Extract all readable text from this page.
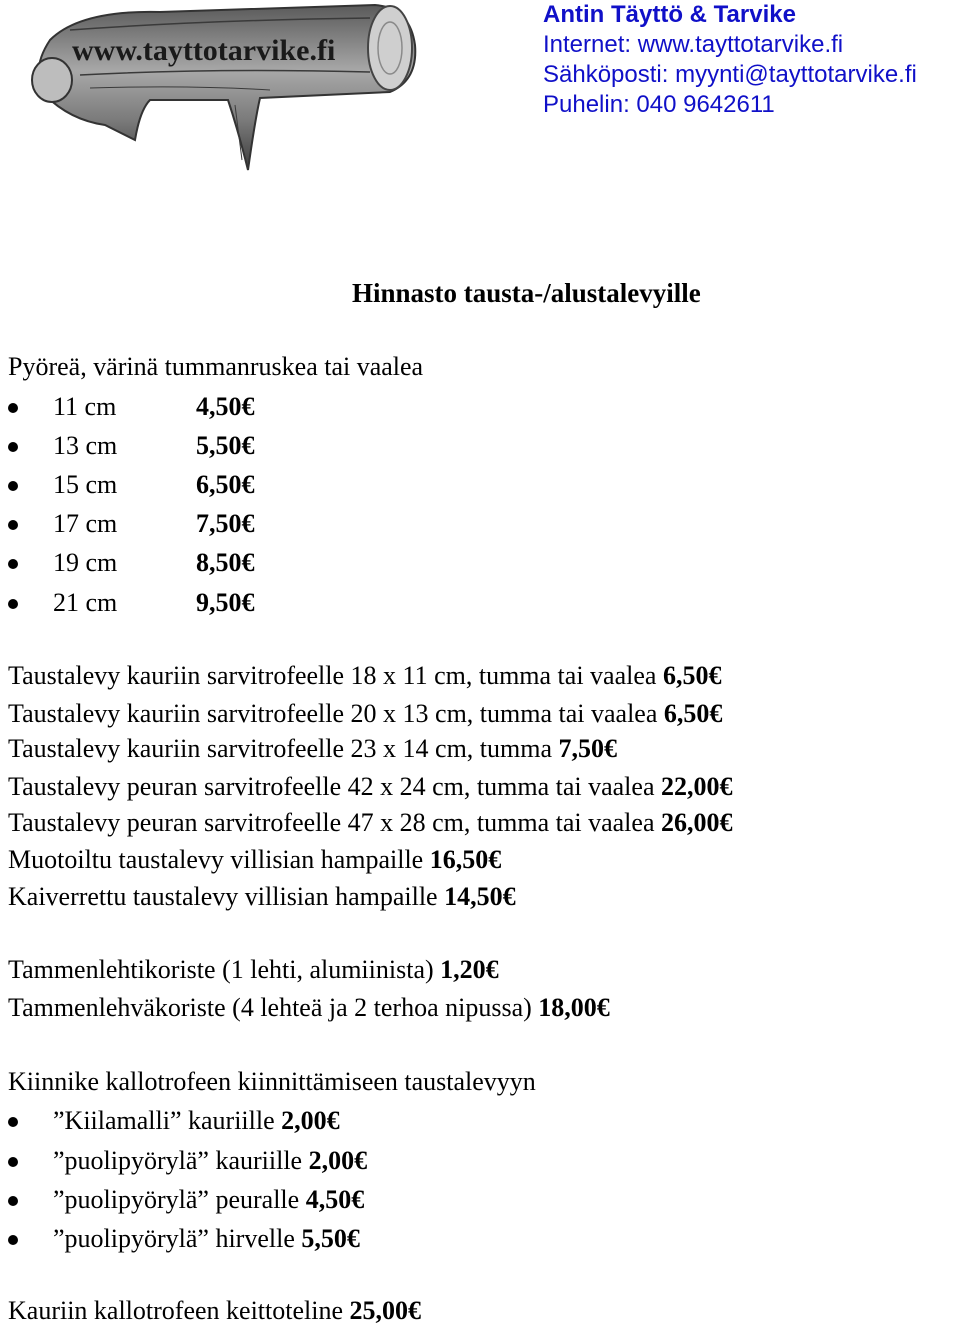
www.tayttotarvike.fi
Antin Täyttö & Tarvike
Internet: www.tayttotarvike.fi
Sähköposti: myynti@tayttotarvike.fi
Puhelin: 040 9642611
Hinnasto tausta-/alustalevyille
Pyöreä, värinä tummanruskea tai vaalea
11 cm	4,50€
13 cm	5,50€
15 cm	6,50€
17 cm	7,50€
19 cm	8,50€
21 cm	9,50€
Taustalevy kauriin sarvitrofeelle 18 x 11 cm, tumma tai vaalea 6,50€
Taustalevy kauriin sarvitrofeelle 20 x 13 cm, tumma tai vaalea 6,50€
Taustalevy kauriin sarvitrofeelle 23 x 14 cm, tumma 7,50€
Taustalevy peuran sarvitrofeelle 42 x 24 cm, tumma tai vaalea 22,00€
Taustalevy peuran sarvitrofeelle 47 x 28 cm, tumma tai vaalea 26,00€
Muotoiltu taustalevy villisian hampaille 16,50€
Kaiverrettu taustalevy villisian hampaille 14,50€
Tammenlehtikoriste (1 lehti, alumiinista) 1,20€
Tammenlehväkoriste (4 lehteä ja 2 terhoa nipussa) 18,00€
Kiinnike kallotrofeen kiinnittämiseen taustalevyyn
”Kiilamalli” kauriille 2,00€
”puolipyörylä” kauriille 2,00€
”puolipyörylä” peuralle 4,50€
”puolipyörylä” hirvelle 5,50€
Kauriin kallotrofeen keittoteline 25,00€
